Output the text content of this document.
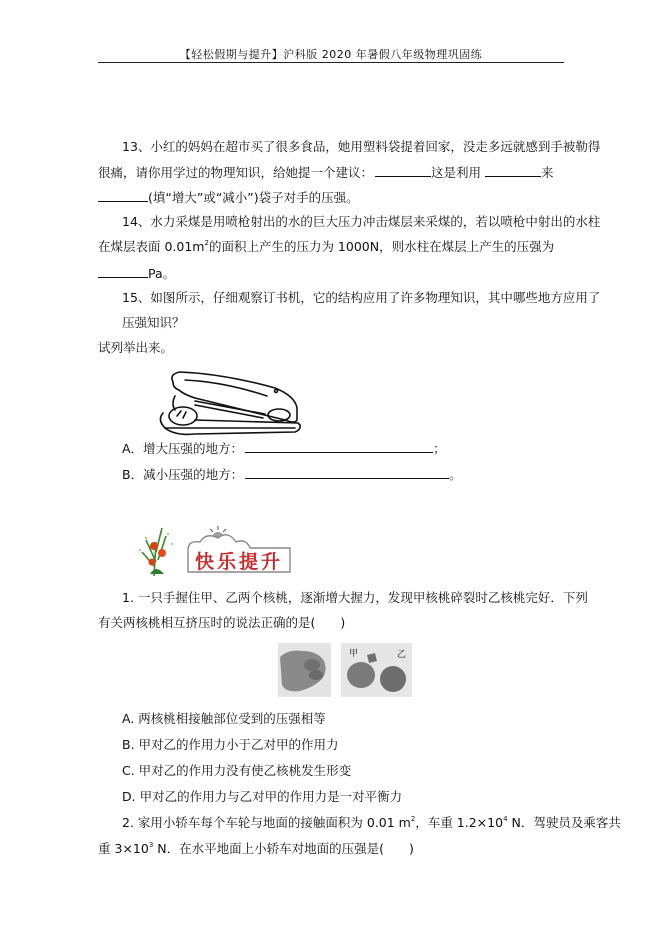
【轻松假期与提升】沪科版 2020 年暑假八年级物理巩固练
13、小红的妈妈在超市买了很多食品，她用塑料袋提着回家，没走多远就感到手被勒得
很痛，请你用学过的物理知识，给她提一个建议：	这是利用	来
(填“增大”或“减小”)袋子对手的压强。
14、水力采煤是用喷枪射出的水的巨大压力冲击煤层来采煤的，若以喷枪中射出的水柱
在煤层表面 $0.01m^2$的面积上产生的压力为 1000N，则水柱在煤层上产生的压强为
Pa。
15、如图所示，仔细观察订书机，它的结构应用了许多物理知识，其中哪些地方应用了
压强知识？
试列举出来。
A．增大压强的地方：	；
B．减小压强的地方：	。
快乐提升
1. 一只手握住甲、乙两个核桃，逐渐增大握力，发现甲核桃碎裂时乙核桃完好．下列
有关两核桃相互挤压时的说法正确的是(　　)
甲	乙
A. 两核桃相接触部位受到的压强相等
B. 甲对乙的作用力小于乙对甲的作用力
C. 甲对乙的作用力没有使乙核桃发生形变
D. 甲对乙的作用力与乙对甲的作用力是一对平衡力
2. 家用小轿车每个车轮与地面的接触面积为 0.01 $m^2$，车重 $1.2\times 10^4$ N．驾驶员及乘客共
重 $3\times 10^3$ N．在水平地面上小轿车对地面的压强是(　　)
